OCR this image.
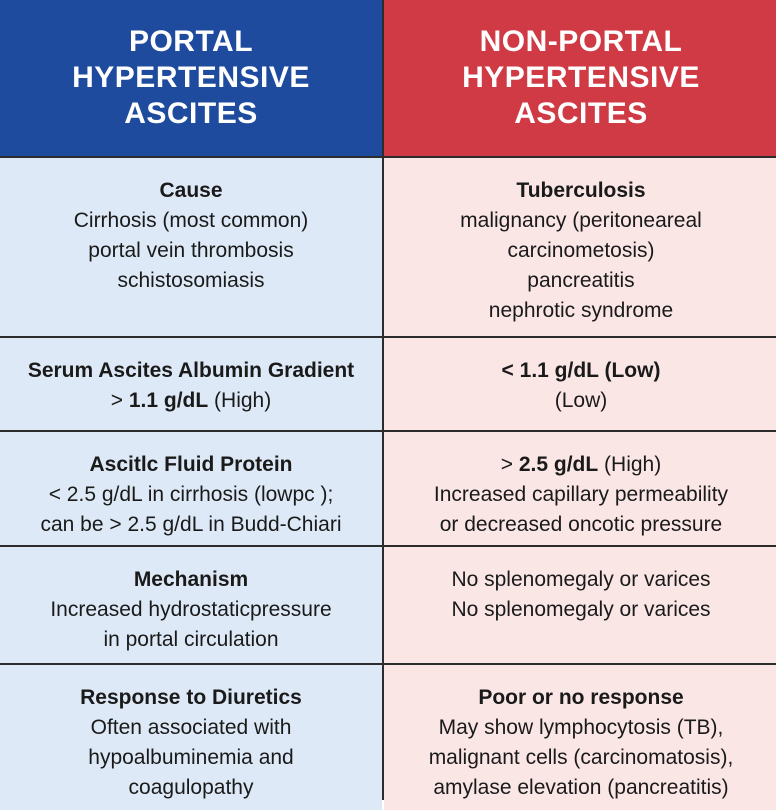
PORTAL
HYPERTENSIVE
ASCITES
NON-PORTAL
HYPERTENSIVE
ASCITES
Cause
Cirrhosis (most common)
portal vein thrombosis
schistosomiasis
Tuberculosis
malignancy (peritoneareal
carcinometosis)
pancreatitis
nephrotic syndrome
Serum Ascites Albumin Gradient
> 1.1 g/dL (High)
< 1.1 g/dL (Low)
(Low)
Ascitlc Fluid Protein
< 2.5 g/dL in cirrhosis (lowpc );
can be > 2.5 g/dL in Budd-Chiari
> 2.5 g/dL (High)
Increased capillary permeability
or decreased oncotic pressure
Mechanism
Increased hydrostaticpressure
in portal circulation
No splenomegaly or varices
No splenomegaly or varices
Response to Diuretics
Often associated with
hypoalbuminemia and
coagulopathy
Poor or no response
May show lymphocytosis (TB),
malignant cells (carcinomatosis),
amylase elevation (pancreatitis)
